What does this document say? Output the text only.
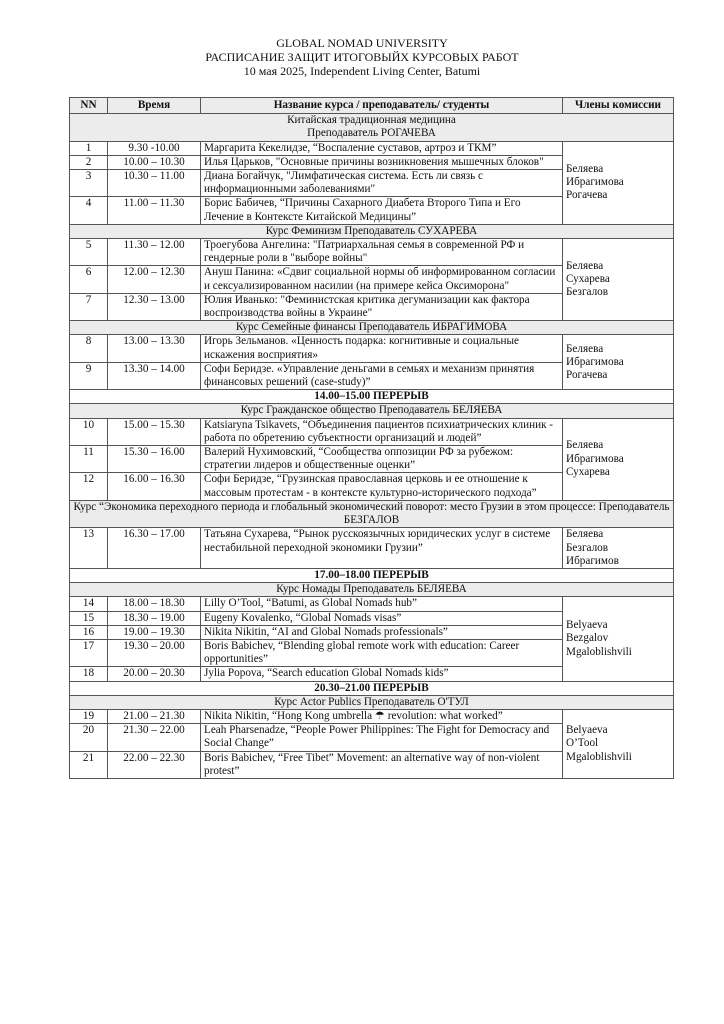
GLOBAL NOMAD UNIVERSITY
РАСПИСАНИЕ ЗАЩИТ ИТОГОВЫЙХ КУРСОВЫХ РАБОТ
10 мая 2025, Independent Living Center, Batumi
NN	Время	Название курса / преподаватель/ студенты	Члены комиссии

Китайская традиционная медицина
Преподаватель РОГАЧЕВА			

1	9.30 -10.00	Маргарита Кекелидзе, “Воспаление суставов, артроз и ТКМ”	Беляева
Ибрагимова
Рогачева

2	10.00 – 10.30	Илья Царьков, "Основные причины возникновения мышечных блоков"	
3	10.30 – 11.00	Диана Богайчук, "Лимфатическая система. Есть ли связь с информационными заболеваниями"	
4	11.00 – 11.30	Борис Бабичев, “Причины Сахарного Диабета Второго Типа и Его Лечение в Контексте Китайской Медицины”	

Курс Феминизм Преподаватель СУХАРЕВА			

5	11.30 – 12.00	Троегубова Ангелина: "Патриархальная семья в современной РФ и гендерные роли в "выборе войны"	Беляева
Сухарева
Безгалов

6	12.00 – 12.30	Ануш Панина: «Сдвиг социальной нормы об информированном согласии и сексуализированном насилии (на примере кейса Оксиморона"	
7	12.30 – 13.00	Юлия Иванько: "Феминистская критика дегуманизации как фактора воспроизводства войны в Украине"	

Курс Семейные финансы Преподаватель ИБРАГИМОВА			

8	13.00 – 13.30	Игорь Зельманов. «Ценность подарка: когнитивные и социальные искажения восприятия»	Беляева
Ибрагимова
Рогачева

9	13.30 – 14.00	Софи Беридзе. «Управление деньгами в семьях и механизм принятия финансовых решений (case-study)”	
14.00–15.00 ПЕРЕРЫВ			

Курс Гражданское общество Преподаватель БЕЛЯЕВА			

10	15.00 – 15.30	Katsiaryna Tsikavets, “Объединения пациентов психиатрических клиник - работа по обретению субъектности организаций и людей”	Беляева
Ибрагимова
Сухарева

11	15.30 – 16.00	Валерий Нухимовский, “Сообщества оппозиции РФ за рубежом: стратегии лидеров и общественные оценки”	
12	16.00 – 16.30	Софи Беридзе, “Грузинская православная церковь и ее отношение к массовым протестам - в контексте культурно-исторического подхода”	

Курс “Экономика переходного периода и глобальный экономический поворот: место Грузии в этом процессе: Преподаватель БЕЗГАЛОВ			

13	16.30 – 17.00	Татьяна Сухарева, “Рынок русскоязычных юридических услуг в системе нестабильной переходной экономики Грузии”	Беляева
Безгалов
Ибрагимов

17.00–18.00 ПЕРЕРЫВ			

Курс Номады Преподаватель БЕЛЯЕВА			

14	18.00 – 18.30	Lilly O’Tool, “Batumi, as Global Nomads hub”	Belyaeva
Bezgalov
Mgaloblishvili

15	18.30 – 19.00	Eugeny Kovalenko, “Global Nomads visas”	
16	19.00 – 19.30	Nikita Nikitin, “AI and Global Nomads professionals”	
17	19.30 – 20.00	Boris Babichev, “Blending global remote work with education: Career opportunities”	
18	20.00 – 20.30	Jylia Popova, “Search education Global Nomads kids”	
20.30–21.00 ПЕРЕРЫВ			

Курс Actor Publics Преподаватель О'ТУЛ			

19	21.00 – 21.30	Nikita Nikitin, “Hong Kong umbrella ☂ revolution: what worked”	Belyaeva
O’Tool
Mgaloblishvili

20	21.30 – 22.00	Leah Pharsenadze, “People Power Philippines: The Fight for Democracy and Social Change”	
21	22.00 – 22.30	Boris Babichev, “Free Tibet” Movement: an alternative way of non-violent protest”	
